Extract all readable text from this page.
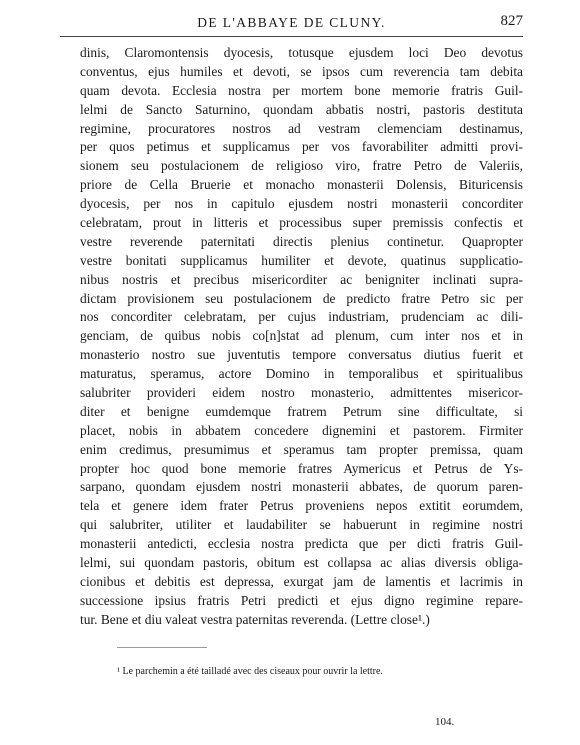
DE L'ABBAYE DE CLUNY.	827
dinis, Claromontensis dyocesis, totusque ejusdem loci Deo devotus
conventus, ejus humiles et devoti, se ipsos cum reverencia tam debita
quam devota. Ecclesia nostra per mortem bone memorie fratris Guil-
lelmi de Sancto Saturnino, quondam abbatis nostri, pastoris destituta
regimine, procuratores nostros ad vestram clemenciam destinamus,
per quos petimus et supplicamus per vos favorabiliter admitti provi-
sionem seu postulacionem de religioso viro, fratre Petro de Valeriis,
priore de Cella Bruerie et monacho monasterii Dolensis, Bituricensis
dyocesis, per nos in capitulo ejusdem nostri monasterii concorditer
celebratam, prout in litteris et processibus super premissis confectis et
vestre reverende paternitati directis plenius continetur. Quapropter
vestre bonitati supplicamus humiliter et devote, quatinus supplicatio-
nibus nostris et precibus misericorditer ac benigniter inclinati supra-
dictam provisionem seu postulacionem de predicto fratre Petro sic per
nos concorditer celebratam, per cujus industriam, prudenciam ac dili-
genciam, de quibus nobis co[n]stat ad plenum, cum inter nos et in
monasterio nostro sue juventutis tempore conversatus diutius fuerit et
maturatus, speramus, actore Domino in temporalibus et spiritualibus
salubriter provideri eidem nostro monasterio, admittentes misericor-
diter et benigne eumdemque fratrem Petrum sine difficultate, si
placet, nobis in abbatem concedere dignemini et pastorem. Firmiter
enim credimus, presumimus et speramus tam propter premissa, quam
propter hoc quod bone memorie fratres Aymericus et Petrus de Ys-
sarpano, quondam ejusdem nostri monasterii abbates, de quorum paren-
tela et genere idem frater Petrus proveniens nepos extitit eorumdem,
qui salubriter, utiliter et laudabiliter se habuerunt in regimine nostri
monasterii antedicti, ecclesia nostra predicta que per dicti fratris Guil-
lelmi, sui quondam pastoris, obitum est collapsa ac alias diversis obliga-
cionibus et debitis est depressa, exurgat jam de lamentis et lacrimis in
successione ipsius fratris Petri predicti et ejus digno regimine repare-
tur. Bene et diu valeat vestra paternitas reverenda. (Lettre close¹.)
¹ Le parchemin a été tailladé avec des ciseaux pour ouvrir la lettre.
104.
